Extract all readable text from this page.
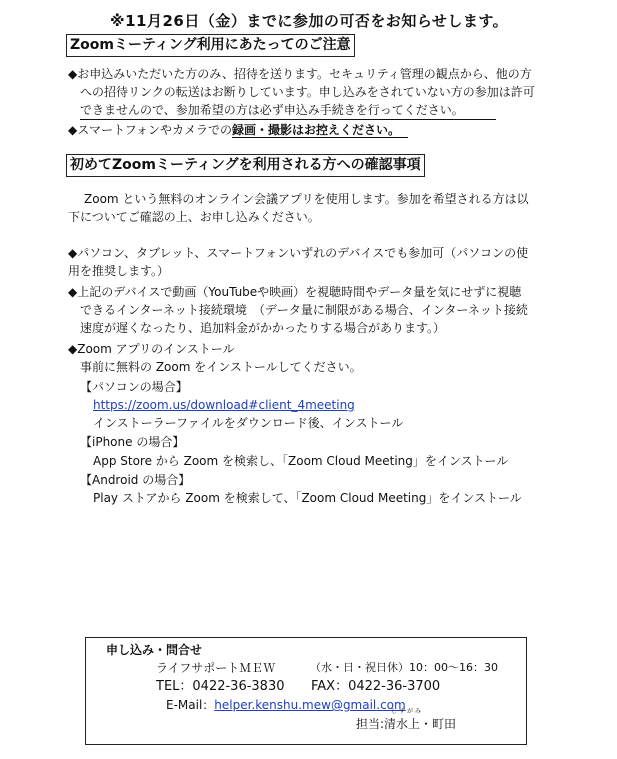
※11月26日（金）までに参加の可否をお知らせします。
Zoomミーティング利用にあたってのご注意
◆お申込みいただいた方のみ、招待を送ります。セキュリティ管理の観点から、他の方
への招待リンクの転送はお断りしています。申し込みをされていない方の参加は許可
できませんので、参加希望の方は必ず申込み手続きを行ってください。
◆スマートフォンやカメラでの録画・撮影はお控えください。
初めてZoomミーティングを利用される方への確認事項
Zoom という無料のオンライン会議アプリを使用します。参加を希望される方は以
下についてご確認の上、お申し込みください。
◆パソコン、タブレット、スマートフォンいずれのデバイスでも参加可（パソコンの使
用を推奨します。）
◆上記のデバイスで動画（YouTubeや映画）を視聴時間やデータ量を気にせずに視聴
できるインターネット接続環境　（データ量に制限がある場合、インターネット接続
速度が遅くなったり、追加料金がかかったりする場合があります。）
◆Zoom アプリのインストール
事前に無料の Zoom をインストールしてください。
【パソコンの場合】
https://zoom.us/download#client_4meeting
インストーラーファイルをダウンロード後、インストール
【iPhone の場合】
App Store から Zoom を検索し、「Zoom Cloud Meeting」をインストール
【Android の場合】
Play ストアから Zoom を検索して、「Zoom Cloud Meeting」をインストール
申し込み・問合せ
ライフサポートＭＥＷ	（水・日・祝日休）10：00〜16：30
TEL：0422-36-3830 FAX：0422-36-3700
E-Mail：helper.kenshu.mew@gmail.com
しずがみ
担当:清水上・町田
